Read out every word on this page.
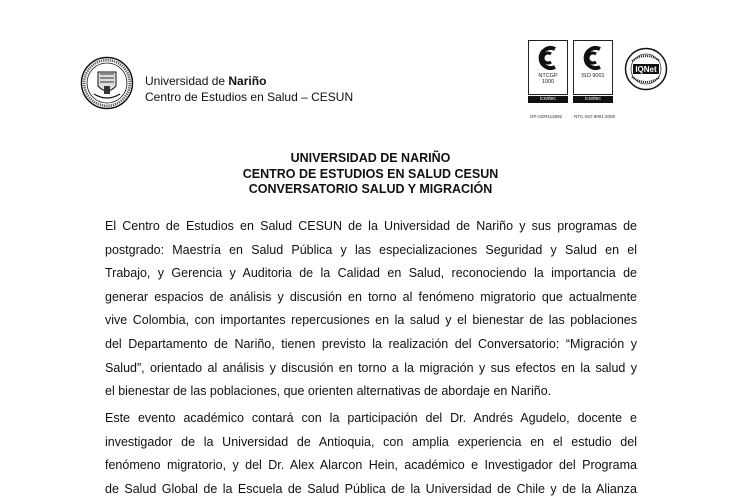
Universidad de Nariño
Centro de Estudios en Salud – CESUN
NTCGP
1000
icontec
ISO 9001
icontec
GP-CER112692	NTC-ISO 9001:2008
IQNet
UNIVERSIDAD DE NARIÑO
CENTRO DE ESTUDIOS EN SALUD CESUN
CONVERSATORIO SALUD Y MIGRACIÓN
El Centro de Estudios en Salud CESUN de la Universidad de Nariño y sus programas de
postgrado: Maestría en Salud Pública y las especializaciones Seguridad y Salud en el
Trabajo, y Gerencia y Auditoria de la Calidad en Salud, reconociendo la importancia de
generar espacios de análisis y discusión en torno al fenómeno migratorio que actualmente
vive Colombia, con importantes repercusiones en la salud y el bienestar de las poblaciones
del Departamento de Nariño, tienen previsto la realización del Conversatorio: “Migración y
Salud”, orientado al análisis y discusión en torno a la migración y sus efectos en la salud y
el bienestar de las poblaciones, que orienten alternativas de abordaje en Nariño.
Este evento académico contará con la participación del Dr. Andrés Agudelo, docente e
investigador de la Universidad de Antioquia, con amplia experiencia en el estudio del
fenómeno migratorio, y del Dr. Alex Alarcon Hein, académico e Investigador del Programa
de Salud Global de la Escuela de Salud Pública de la Universidad de Chile y de la Alianza
